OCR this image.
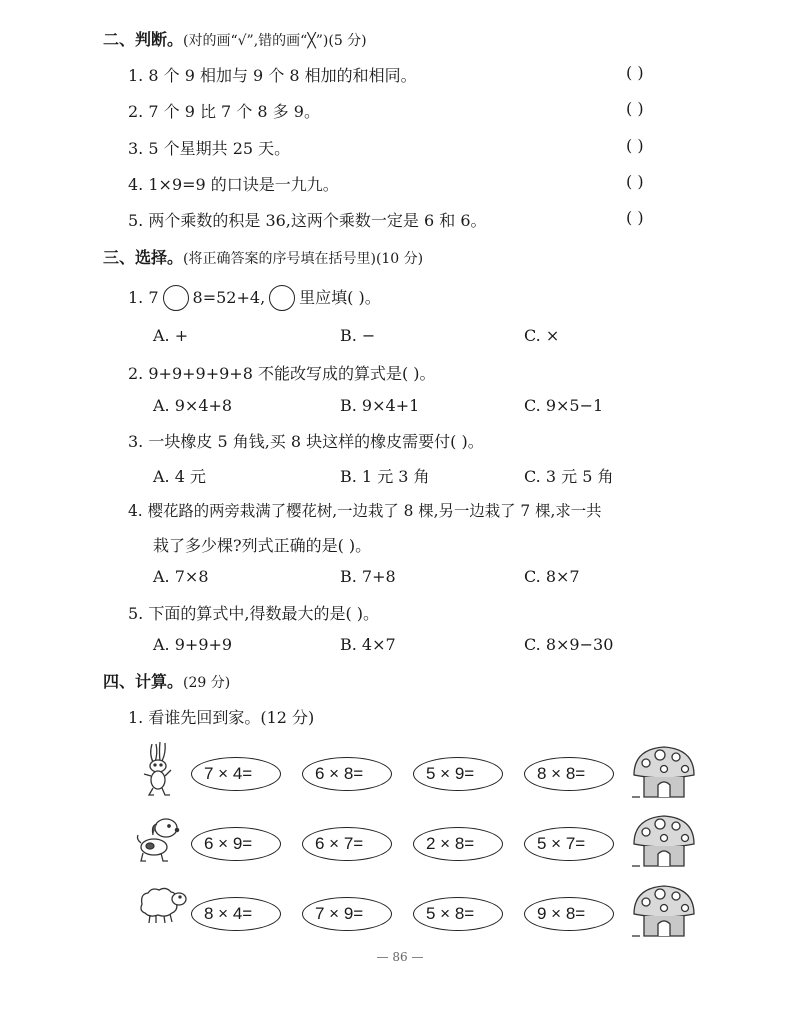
二、判断。(对的画“√”,错的画“╳”)(5 分)
1. 8 个 9 相加与 9 个 8 相加的和相同。	( )
2. 7 个 9 比 7 个 8 多 9。	( )
3. 5 个星期共 25 天。	( )
4. 1×9=9 的口诀是一九九。	( )
5. 两个乘数的积是 36,这两个乘数一定是 6 和 6。	( )
三、选择。(将正确答案的序号填在括号里)(10 分)
1. 7 8=52+4, 里应填( )。
A. +	B. −	C. ×
2. 9+9+9+9+8 不能改写成的算式是( )。
A. 9×4+8	B. 9×4+1	C. 9×5−1
3. 一块橡皮 5 角钱,买 8 块这样的橡皮需要付( )。
A. 4 元	B. 1 元 3 角	C. 3 元 5 角
4. 樱花路的两旁栽满了樱花树,一边栽了 8 棵,另一边栽了 7 棵,求一共
栽了多少棵?列式正确的是( )。
A. 7×8	B. 7+8	C. 8×7
5. 下面的算式中,得数最大的是( )。
A. 9+9+9	B. 4×7	C. 8×9−30
四、计算。(29 分)
1. 看谁先回到家。(12 分)
7 × 4=	6 × 8=	5 × 9=	8 × 8=
6 × 9=	6 × 7=	2 × 8=	5 × 7=
8 × 4=	7 × 9=	5 × 8=	9 × 8=
— 86 —
